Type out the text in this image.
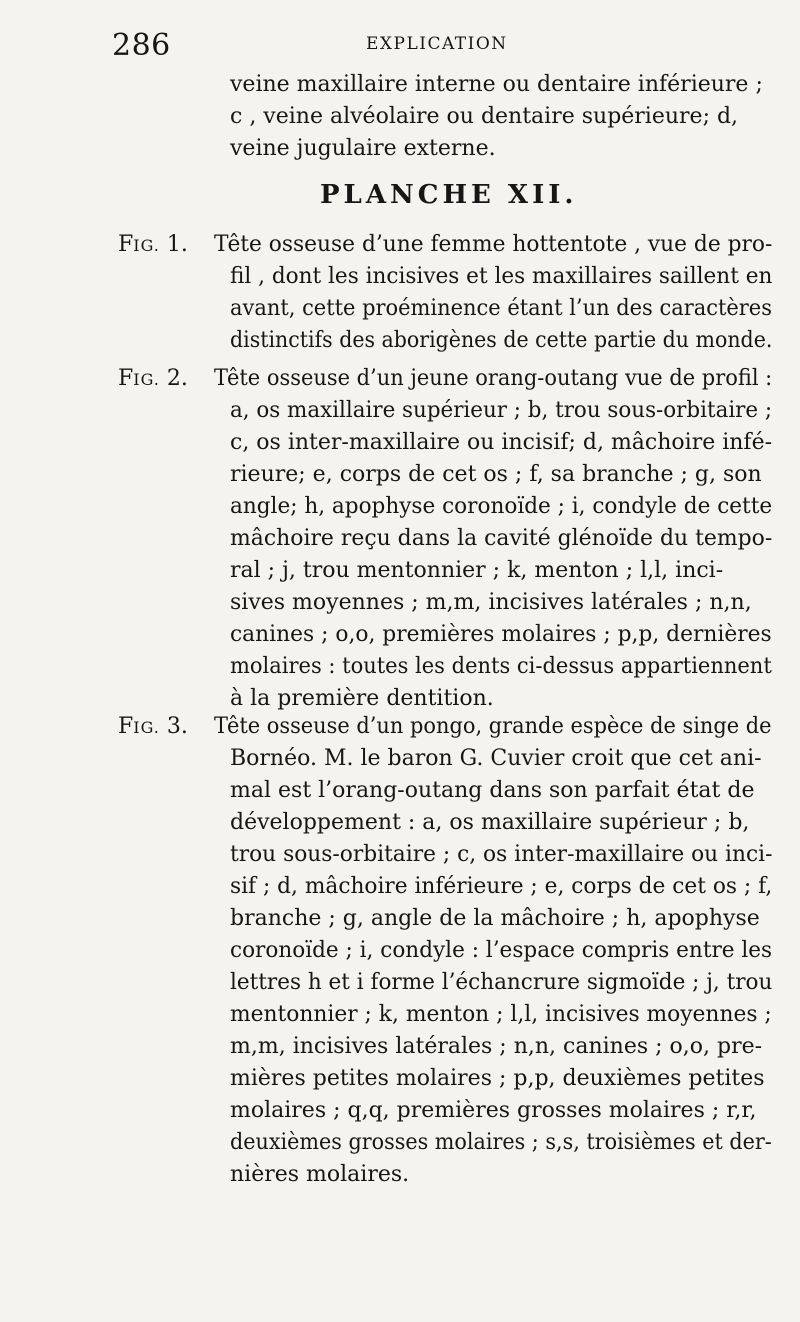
286	EXPLICATION
veine maxillaire interne ou dentaire inférieure ;
c , veine alvéolaire ou dentaire supérieure; d,
veine jugulaire externe.
PLANCHE XII.
FIG. 1. Tête osseuse d’une femme hottentote , vue de pro-
fil , dont les incisives et les maxillaires saillent en
avant, cette proéminence étant l’un des caractères
distinctifs des aborigènes de cette partie du monde.
FIG. 2. Tête osseuse d’un jeune orang-outang vue de profil :
a, os maxillaire supérieur ; b, trou sous-orbitaire ;
c, os inter-maxillaire ou incisif; d, mâchoire infé-
rieure; e, corps de cet os ; f, sa branche ; g, son
angle; h, apophyse coronoïde ; i, condyle de cette
mâchoire reçu dans la cavité glénoïde du tempo-
ral ; j, trou mentonnier ; k, menton ; l,l, inci-
sives moyennes ; m,m, incisives latérales ; n,n,
canines ; o,o, premières molaires ; p,p, dernières
molaires : toutes les dents ci-dessus appartiennent
à la première dentition.
FIG. 3. Tête osseuse d’un pongo, grande espèce de singe de
Bornéo. M. le baron G. Cuvier croit que cet ani-
mal est l’orang-outang dans son parfait état de
développement : a, os maxillaire supérieur ; b,
trou sous-orbitaire ; c, os inter-maxillaire ou inci-
sif ; d, mâchoire inférieure ; e, corps de cet os ; f,
branche ; g, angle de la mâchoire ; h, apophyse
coronoïde ; i, condyle : l’espace compris entre les
lettres h et i forme l’échancrure sigmoïde ; j, trou
mentonnier ; k, menton ; l,l, incisives moyennes ;
m,m, incisives latérales ; n,n, canines ; o,o, pre-
mières petites molaires ; p,p, deuxièmes petites
molaires ; q,q, premières grosses molaires ; r,r,
deuxièmes grosses molaires ; s,s, troisièmes et der-
nières molaires.
